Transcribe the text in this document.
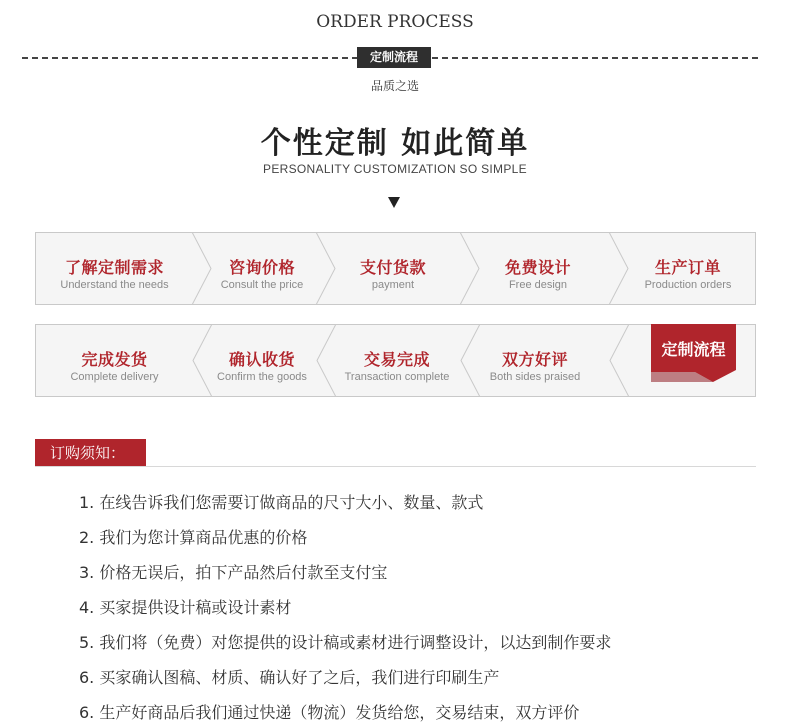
ORDER PROCESS
定制流程
品质之选
个性定制 如此简单
PERSONALITY CUSTOMIZATION SO SIMPLE
了解定制需求
Understand the needs
咨询价格
Consult the price
支付货款
payment
免费设计
Free design
生产订单
Production orders
完成发货
Complete delivery
确认收货
Confirm the goods
交易完成
Transaction complete
双方好评
Both sides praised
定制流程
订购须知：
1. 在线告诉我们您需要订做商品的尺寸大小、数量、款式
2. 我们为您计算商品优惠的价格
3. 价格无误后，拍下产品然后付款至支付宝
4. 买家提供设计稿或设计素材
5. 我们将（免费）对您提供的设计稿或素材进行调整设计，以达到制作要求
6. 买家确认图稿、材质、确认好了之后，我们进行印刷生产
6. 生产好商品后我们通过快递（物流）发货给您，交易结束，双方评价
